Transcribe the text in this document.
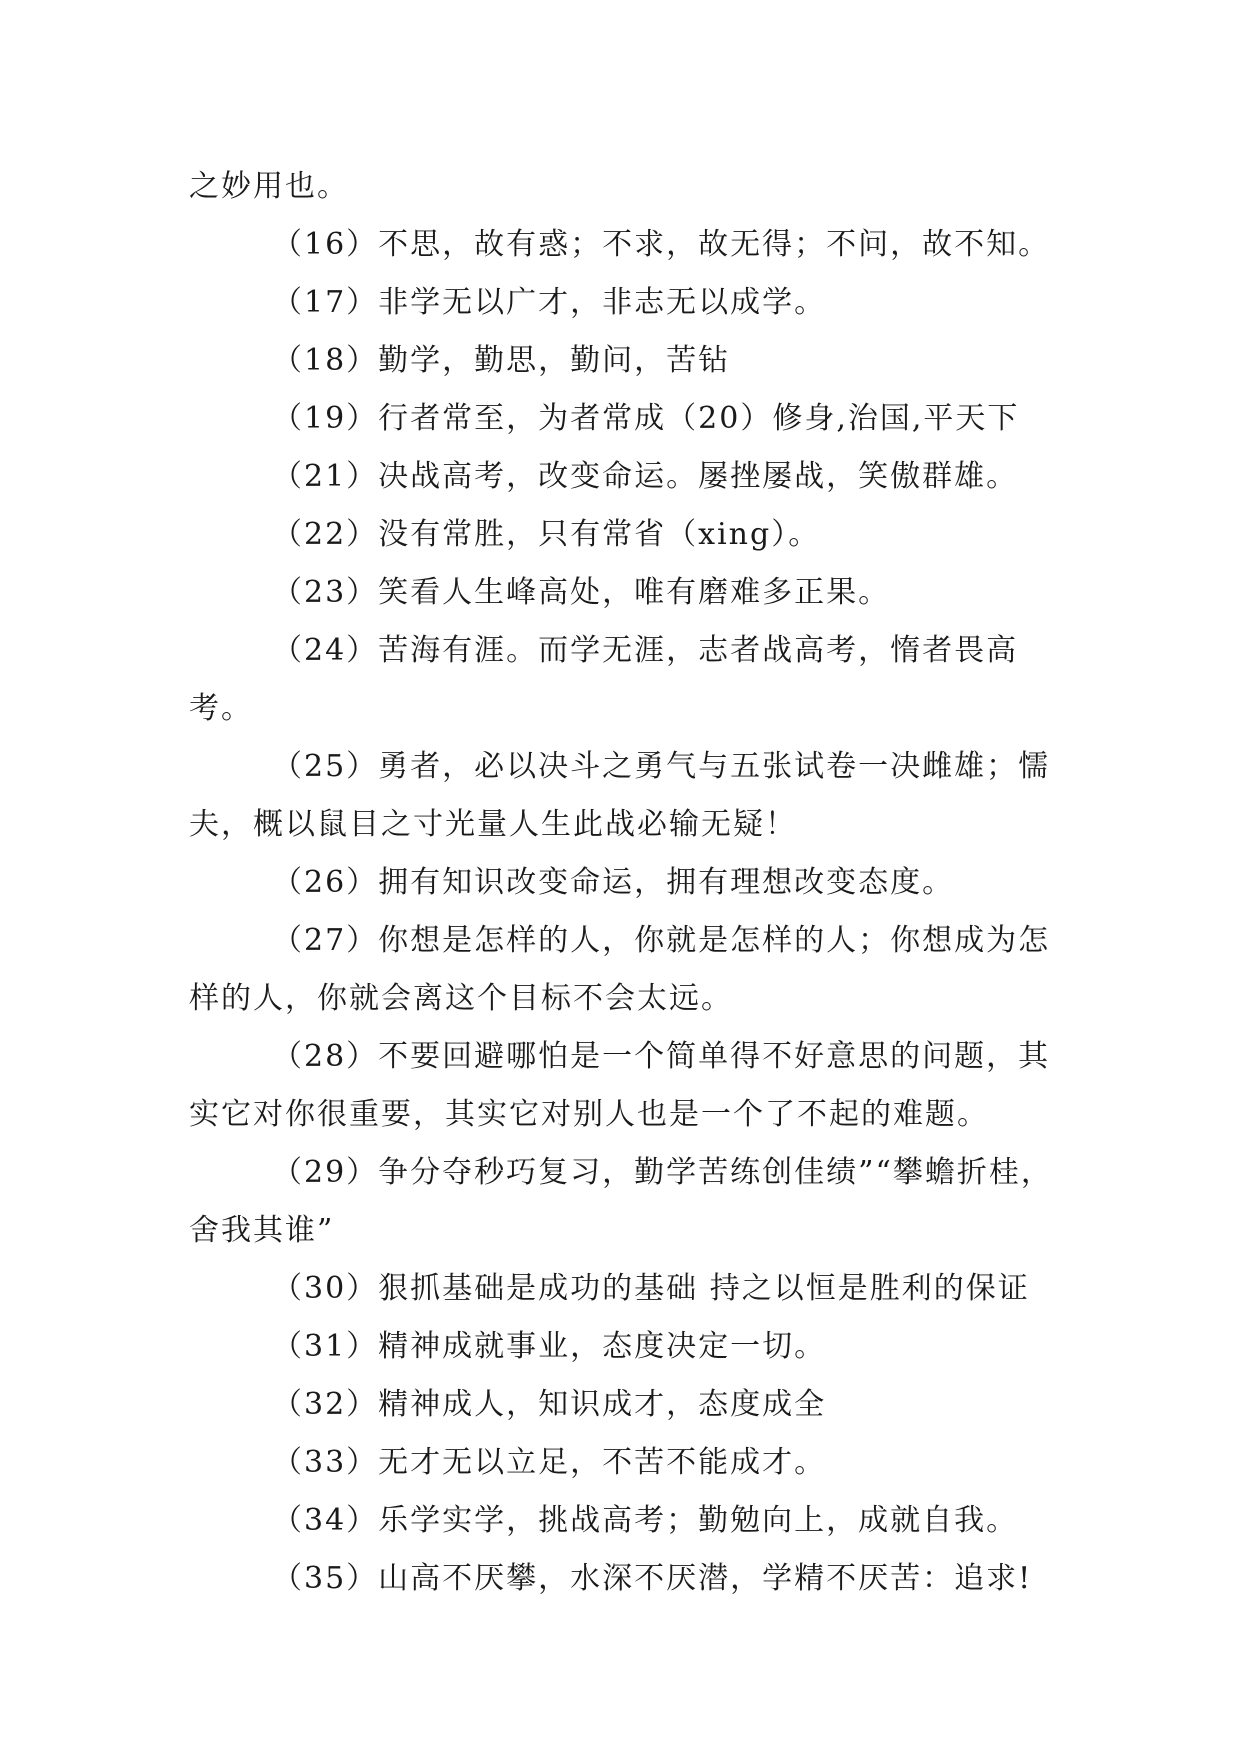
之妙用也。

（16）不思，故有惑；不求，故无得；不问，故不知。

（17）非学无以广才，非志无以成学。

（18）勤学，勤思，勤问，苦钻

（19）行者常至，为者常成（20）修身,治国,平天下

（21）决战高考，改变命运。屡挫屡战，笑傲群雄。

（22）没有常胜，只有常省（xing）。

（23）笑看人生峰高处，唯有磨难多正果。

（24）苦海有涯。而学无涯，志者战高考，惰者畏高考。

（25）勇者，必以决斗之勇气与五张试卷一决雌雄；懦夫，概以鼠目之寸光量人生此战必输无疑！

（26）拥有知识改变命运，拥有理想改变态度。

（27）你想是怎样的人，你就是怎样的人；你想成为怎样的人，你就会离这个目标不会太远。

（28）不要回避哪怕是一个简单得不好意思的问题，其实它对你很重要，其实它对别人也是一个了不起的难题。

（29）争分夺秒巧复习，勤学苦练创佳绩”“攀蟾折桂，舍我其谁”

（30）狠抓基础是成功的基础 持之以恒是胜利的保证

（31）精神成就事业，态度决定一切。

（32）精神成人，知识成才，态度成全

（33）无才无以立足，不苦不能成才。

（34）乐学实学，挑战高考；勤勉向上，成就自我。

（35）山高不厌攀，水深不厌潜，学精不厌苦：追求!
